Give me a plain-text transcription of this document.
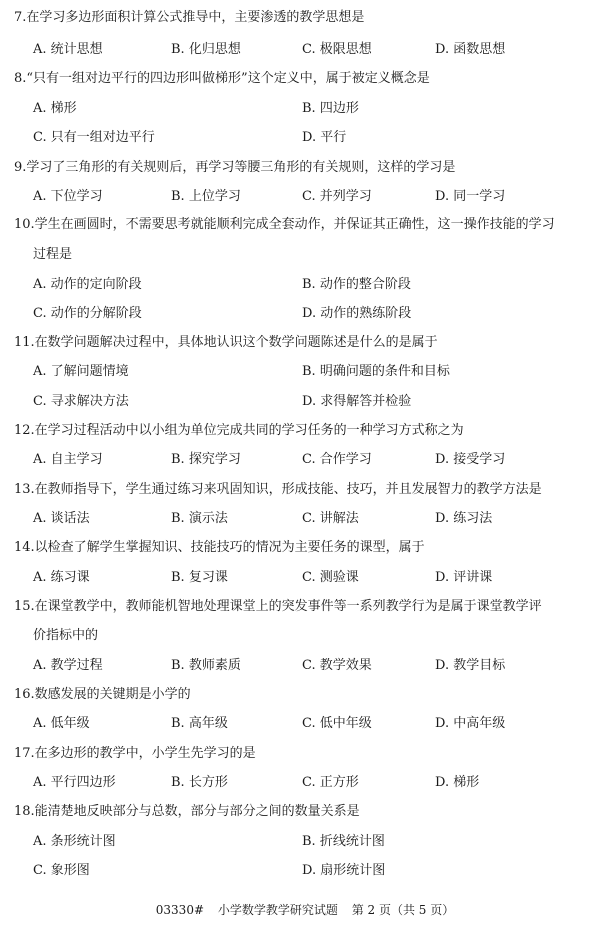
7.在学习多边形面积计算公式推导中，主要渗透的教学思想是
A. 统计思想	B. 化归思想	C. 极限思想	D. 函数思想
8.“只有一组对边平行的四边形叫做梯形”这个定义中，属于被定义概念是
A. 梯形	B. 四边形
C. 只有一组对边平行	D. 平行
9.学习了三角形的有关规则后，再学习等腰三角形的有关规则，这样的学习是
A. 下位学习	B. 上位学习	C. 并列学习	D. 同一学习
10.学生在画圆时，不需要思考就能顺利完成全套动作，并保证其正确性，这一操作技能的学习
过程是
A. 动作的定向阶段	B. 动作的整合阶段
C. 动作的分解阶段	D. 动作的熟练阶段
11.在数学问题解决过程中，具体地认识这个数学问题陈述是什么的是属于
A. 了解问题情境	B. 明确问题的条件和目标
C. 寻求解决方法	D. 求得解答并检验
12.在学习过程活动中以小组为单位完成共同的学习任务的一种学习方式称之为
A. 自主学习	B. 探究学习	C. 合作学习	D. 接受学习
13.在教师指导下，学生通过练习来巩固知识，形成技能、技巧，并且发展智力的教学方法是
A. 谈话法	B. 演示法	C. 讲解法	D. 练习法
14.以检查了解学生掌握知识、技能技巧的情况为主要任务的课型，属于
A. 练习课	B. 复习课	C. 测验课	D. 评讲课
15.在课堂教学中，教师能机智地处理课堂上的突发事件等一系列教学行为是属于课堂教学评
价指标中的
A. 教学过程	B. 教师素质	C. 教学效果	D. 教学目标
16.数感发展的关键期是小学的
A. 低年级	B. 高年级	C. 低中年级	D. 中高年级
17.在多边形的教学中，小学生先学习的是
A. 平行四边形	B. 长方形	C. 正方形	D. 梯形
18.能清楚地反映部分与总数，部分与部分之间的数量关系是
A. 条形统计图	B. 折线统计图
C. 象形图	D. 扇形统计图
03330# 小学数学教学研究试题 第 2 页（共 5 页）
